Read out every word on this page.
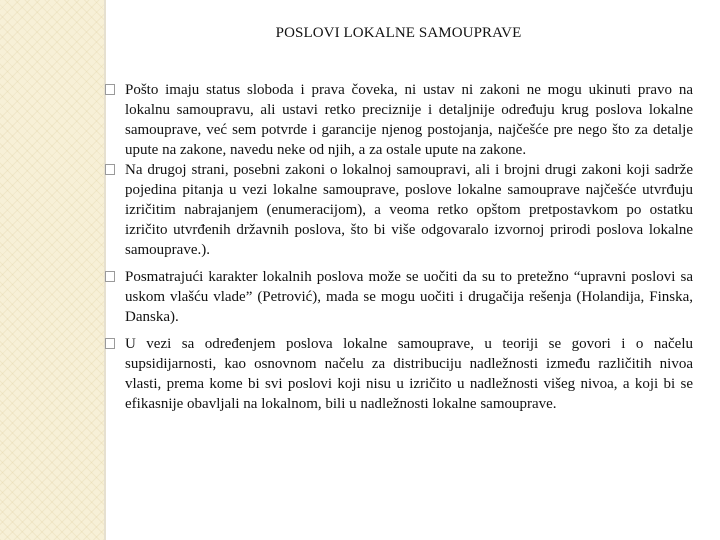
POSLOVI LOKALNE SAMOUPRAVE
Pošto imaju status sloboda i prava čoveka, ni ustav ni zakoni ne mogu ukinuti pravo na lokalnu samoupravu, ali ustavi retko preciznije i detaljnije određuju krug poslova lokalne samouprave, već sem potvrde i garancije njenog postojanja, najčešće pre nego što za detalje upute na zakone, navedu neke od njih, a za ostale upute na zakone.
Na drugoj strani, posebni zakoni o lokalnoj samoupravi, ali i brojni drugi zakoni koji sadrže pojedina pitanja u vezi lokalne samouprave, poslove lokalne samouprave najčešće utvrđuju izričitim nabrajanjem (enumeracijom), a veoma retko opštom pretpostavkom po ostatku izričito utvrđenih državnih poslova, što bi više odgovaralo izvornoj prirodi poslova lokalne samouprave.).
Posmatrajući karakter lokalnih poslova može se uočiti da su to pretežno “upravni poslovi sa uskom vlašću vlade” (Petrović), mada se mogu uočiti i drugačija rešenja (Holandija, Finska, Danska).
U vezi sa određenjem poslova lokalne samouprave, u teoriji se govori i o načelu supsidijarnosti, kao osnovnom načelu za distribuciju nadležnosti između različitih nivoa vlasti, prema kome bi svi poslovi koji nisu u izričito u nadležnosti višeg nivoa, a koji bi se efikasnije obavljali na lokalnom, bili u nadležnosti lokalne samouprave.
